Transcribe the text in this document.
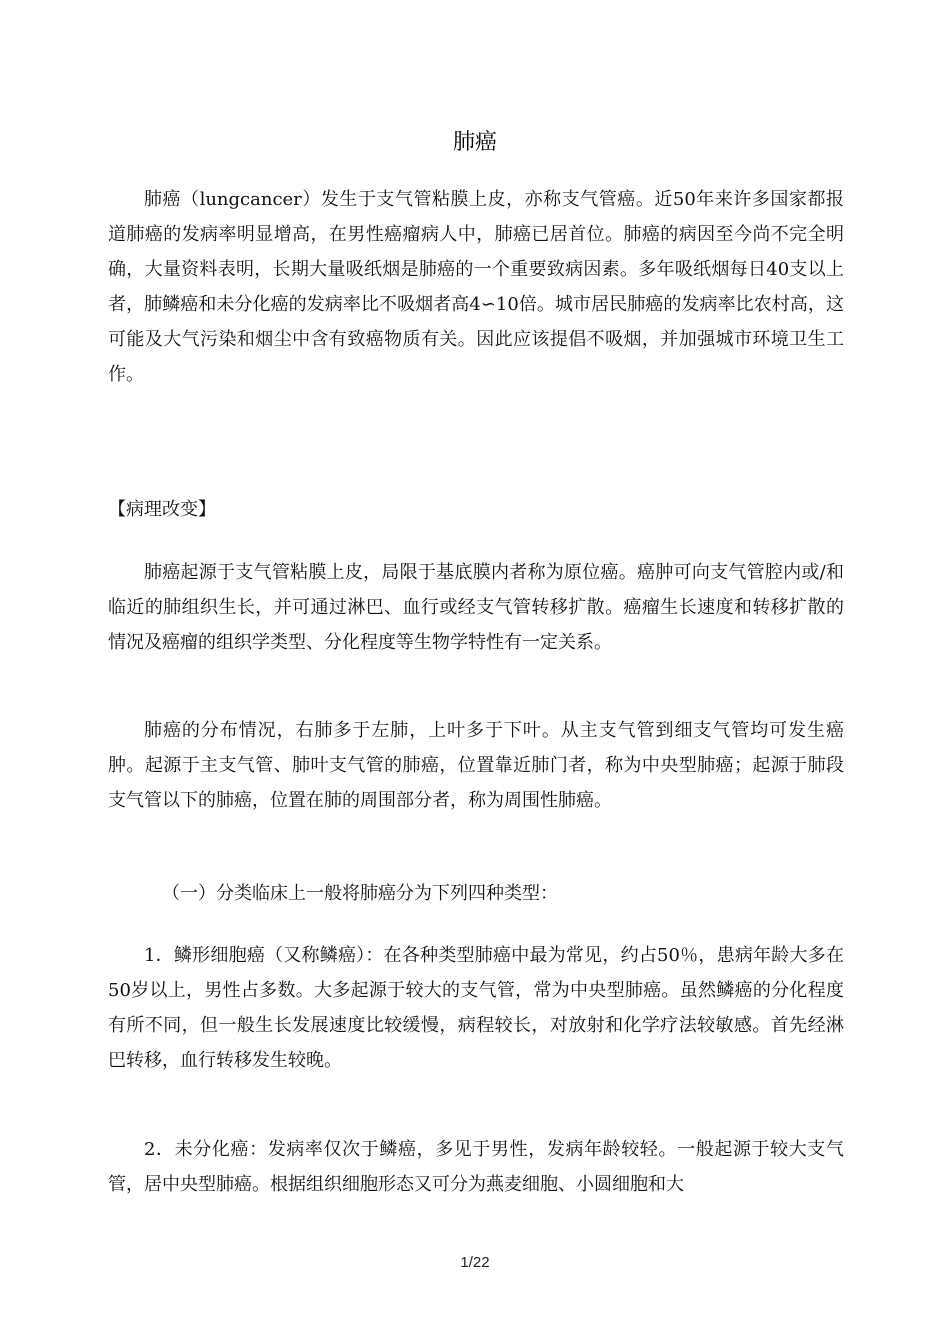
肺癌

肺癌（lungcancer）发生于支气管粘膜上皮，亦称支气管癌。近50年来许多国家都报道肺癌的发病率明显增高，在男性癌瘤病人中，肺癌已居首位。肺癌的病因至今尚不完全明确，大量资料表明，长期大量吸纸烟是肺癌的一个重要致病因素。多年吸纸烟每日40支以上者，肺鳞癌和未分化癌的发病率比不吸烟者高4∽10倍。城市居民肺癌的发病率比农村高，这可能及大气污染和烟尘中含有致癌物质有关。因此应该提倡不吸烟，并加强城市环境卫生工作。

【病理改变】

肺癌起源于支气管粘膜上皮，局限于基底膜内者称为原位癌。癌肿可向支气管腔内或/和临近的肺组织生长，并可通过淋巴、血行或经支气管转移扩散。癌瘤生长速度和转移扩散的情况及癌瘤的组织学类型、分化程度等生物学特性有一定关系。

肺癌的分布情况，右肺多于左肺，上叶多于下叶。从主支气管到细支气管均可发生癌肿。起源于主支气管、肺叶支气管的肺癌，位置靠近肺门者，称为中央型肺癌；起源于肺段支气管以下的肺癌，位置在肺的周围部分者，称为周围性肺癌。

（一）分类临床上一般将肺癌分为下列四种类型：

1．鳞形细胞癌（又称鳞癌）：在各种类型肺癌中最为常见，约占50％，患病年龄大多在50岁以上，男性占多数。大多起源于较大的支气管，常为中央型肺癌。虽然鳞癌的分化程度有所不同，但一般生长发展速度比较缓慢，病程较长，对放射和化学疗法较敏感。首先经淋巴转移，血行转移发生较晚。

2．未分化癌：发病率仅次于鳞癌，多见于男性，发病年龄较轻。一般起源于较大支气管，居中央型肺癌。根据组织细胞形态又可分为燕麦细胞、小圆细胞和大

1/22
